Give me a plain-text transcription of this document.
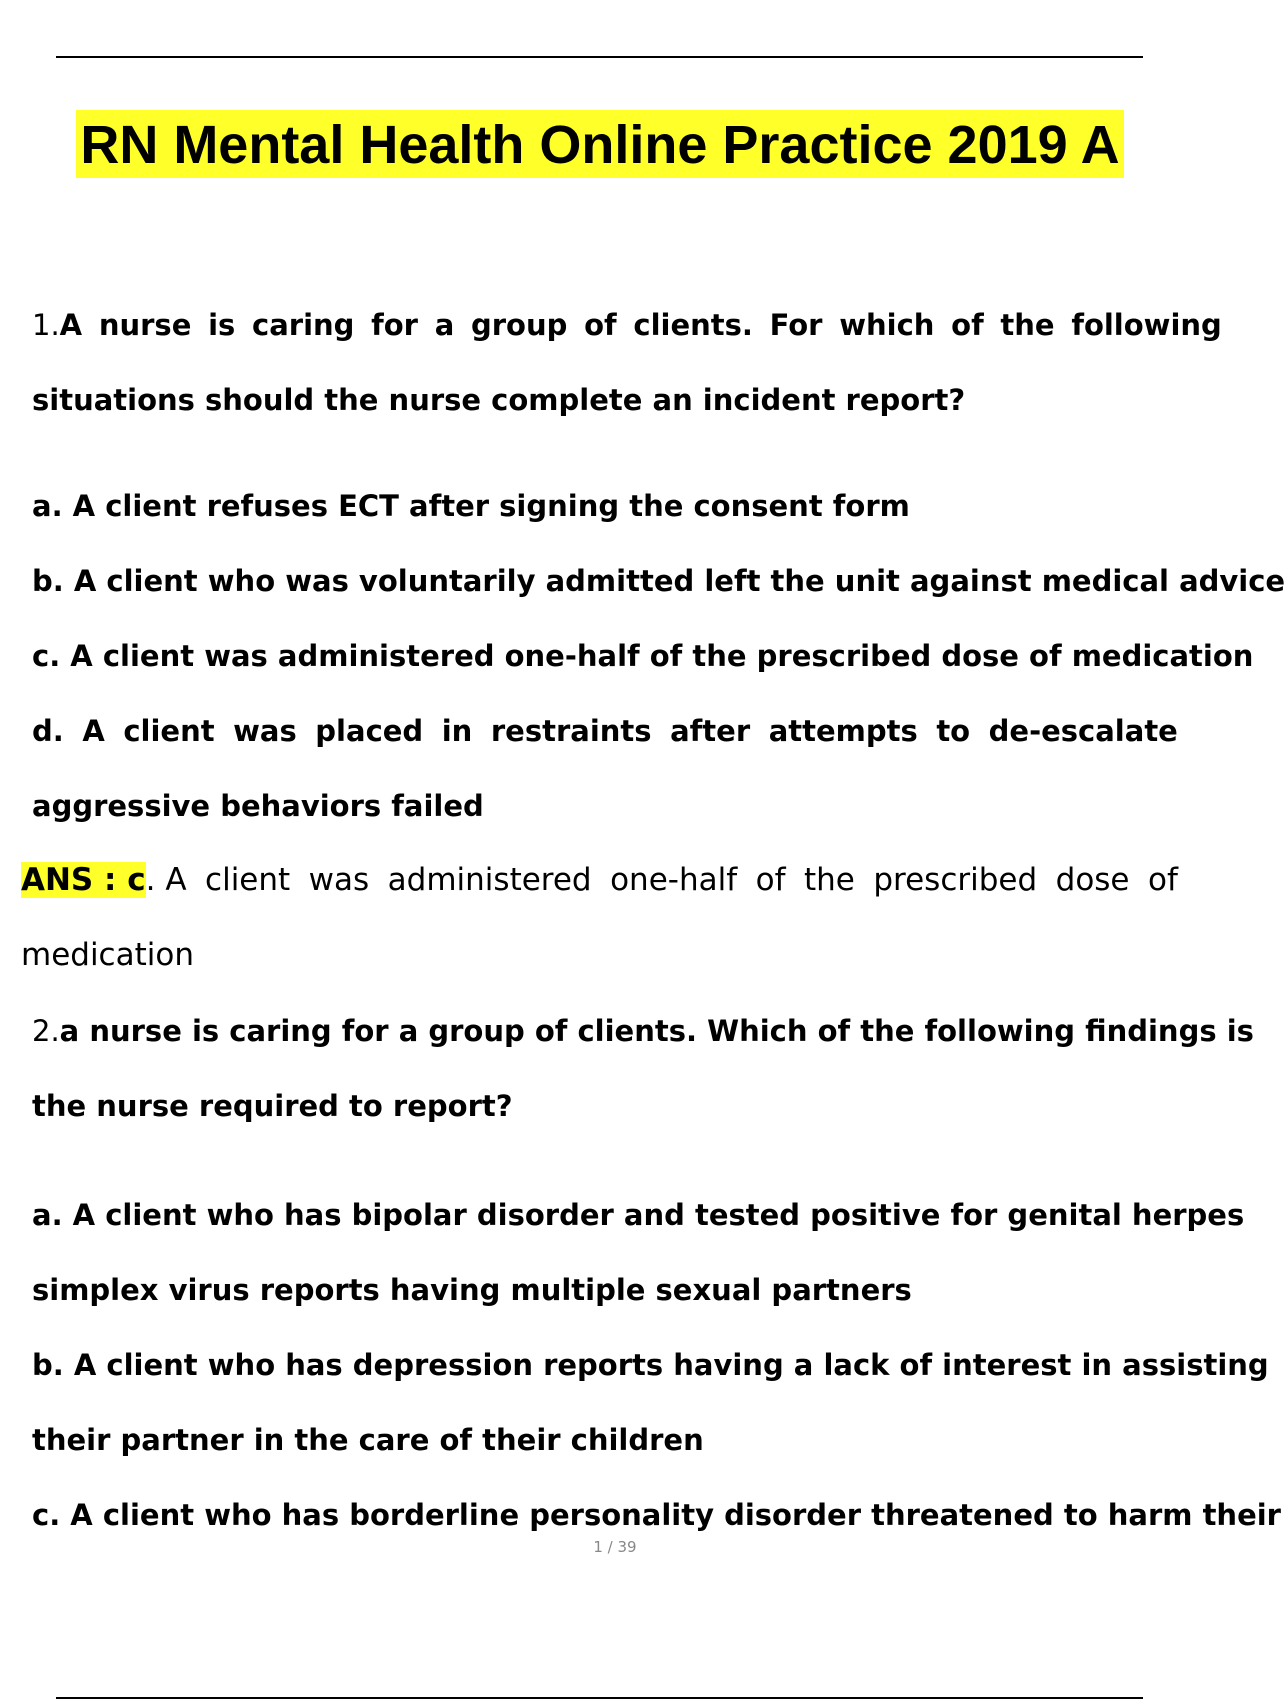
RN Mental Health Online Practice 2019 A
1.A nurse is caring for a group of clients. For which of the following
situations should the nurse complete an incident report?
a. A client refuses ECT after signing the consent form
b. A client who was voluntarily admitted left the unit against medical advice
c. A client was administered one-half of the prescribed dose of medication
d. A client was placed in restraints after attempts to de-escalate
aggressive behaviors failed
ANS : c. A client was administered one-half of the prescribed dose of
medication
2.a nurse is caring for a group of clients. Which of the following findings is
the nurse required to report?
a. A client who has bipolar disorder and tested positive for genital herpes
simplex virus reports having multiple sexual partners
b. A client who has depression reports having a lack of interest in assisting
their partner in the care of their children
c. A client who has borderline personality disorder threatened to harm their
1 / 39
